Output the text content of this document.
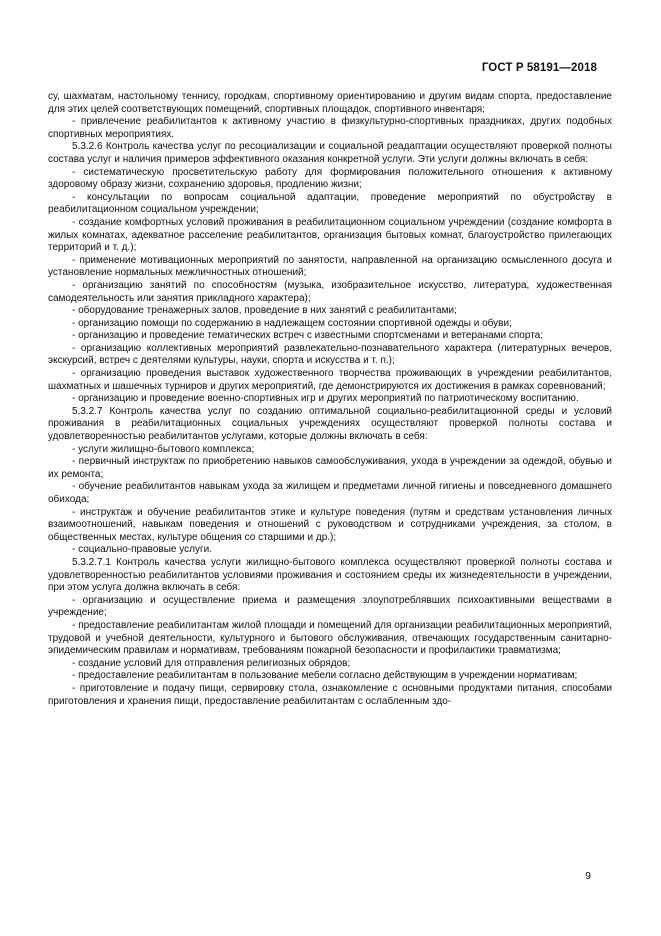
ГОСТ Р 58191—2018

су, шахматам, настольному теннису, городкам, спортивному ориентированию и другим видам спорта, предоставление для этих целей соответствующих помещений, спортивных площадок, спортивного инвентаря;

- привлечение реабилитантов к активному участию в физкультурно-спортивных праздниках, других подобных спортивных мероприятиях.

5.3.2.6 Контроль качества услуг по ресоциализации и социальной реадаптации осуществляют проверкой полноты состава услуг и наличия примеров эффективного оказания конкретной услуги. Эти услуги должны включать в себя:

- систематическую просветительскую работу для формирования положительного отношения к активному здоровому образу жизни, сохранению здоровья, продлению жизни;

- консультации по вопросам социальной адаптации, проведение мероприятий по обустройству в реабилитационном социальном учреждении;

- создание комфортных условий проживания в реабилитационном социальном учреждении (создание комфорта в жилых комнатах, адекватное расселение реабилитантов, организация бытовых комнат, благоустройство прилегающих территорий и т. д.);

- применение мотивационных мероприятий по занятости, направленной на организацию осмысленного досуга и установление нормальных межличностных отношений;

- организацию занятий по способностям (музыка, изобразительное искусство, литература, художественная самодеятельность или занятия прикладного характера);

- оборудование тренажерных залов, проведение в них занятий с реабилитантами;

- организацию помощи по содержанию в надлежащем состоянии спортивной одежды и обуви;

- организацию и проведение тематических встреч с известными спортсменами и ветеранами спорта;

- организацию коллективных мероприятий развлекательно-познавательного характера (литературных вечеров, экскурсий, встреч с деятелями культуры, науки, спорта и искусства и т. п.);

- организацию проведения выставок художественного творчества проживающих в учреждении реабилитантов, шахматных и шашечных турниров и других мероприятий, где демонстрируются их достижения в рамках соревнований;

- организацию и проведение военно-спортивных игр и других мероприятий по патриотическому воспитанию.

5.3.2.7 Контроль качества услуг по созданию оптимальной социально-реабилитационной среды и условий проживания в реабилитационных социальных учреждениях осуществляют проверкой полноты состава и удовлетворенностью реабилитантов услугами, которые должны включать в себя:

- услуги жилищно-бытового комплекса;

- первичный инструктаж по приобретению навыков самообслуживания, ухода в учреждении за одеждой, обувью и их ремонта;

- обучение реабилитантов навыкам ухода за жилищем и предметами личной гигиены и повседневного домашнего обихода;

- инструктаж и обучение реабилитантов этике и культуре поведения (путям и средствам установления личных взаимоотношений, навыкам поведения и отношений с руководством и сотрудниками учреждения, за столом, в общественных местах, культуре общения со старшими и др.);

- социально-правовые услуги.

5.3.2.7.1 Контроль качества услуги жилищно-бытового комплекса осуществляют проверкой полноты состава и удовлетворенностью реабилитантов условиями проживания и состоянием среды их жизнедеятельности в учреждении, при этом услуга должна включать в себя:

- организацию и осуществление приема и размещения злоупотреблявших психоактивными веществами в учреждение;

- предоставление реабилитантам жилой площади и помещений для организации реабилитационных мероприятий, трудовой и учебной деятельности, культурного и бытового обслуживания, отвечающих государственным санитарно-эпидемическим правилам и нормативам, требованиям пожарной безопасности и профилактики травматизма;

- создание условий для отправления религиозных обрядов;

- предоставление реабилитантам в пользование мебели согласно действующим в учреждении нормативам;

- приготовление и подачу пищи, сервировку стола, ознакомление с основными продуктами питания, способами приготовления и хранения пищи, предоставление реабилитантам с ослабленным здо-

9
